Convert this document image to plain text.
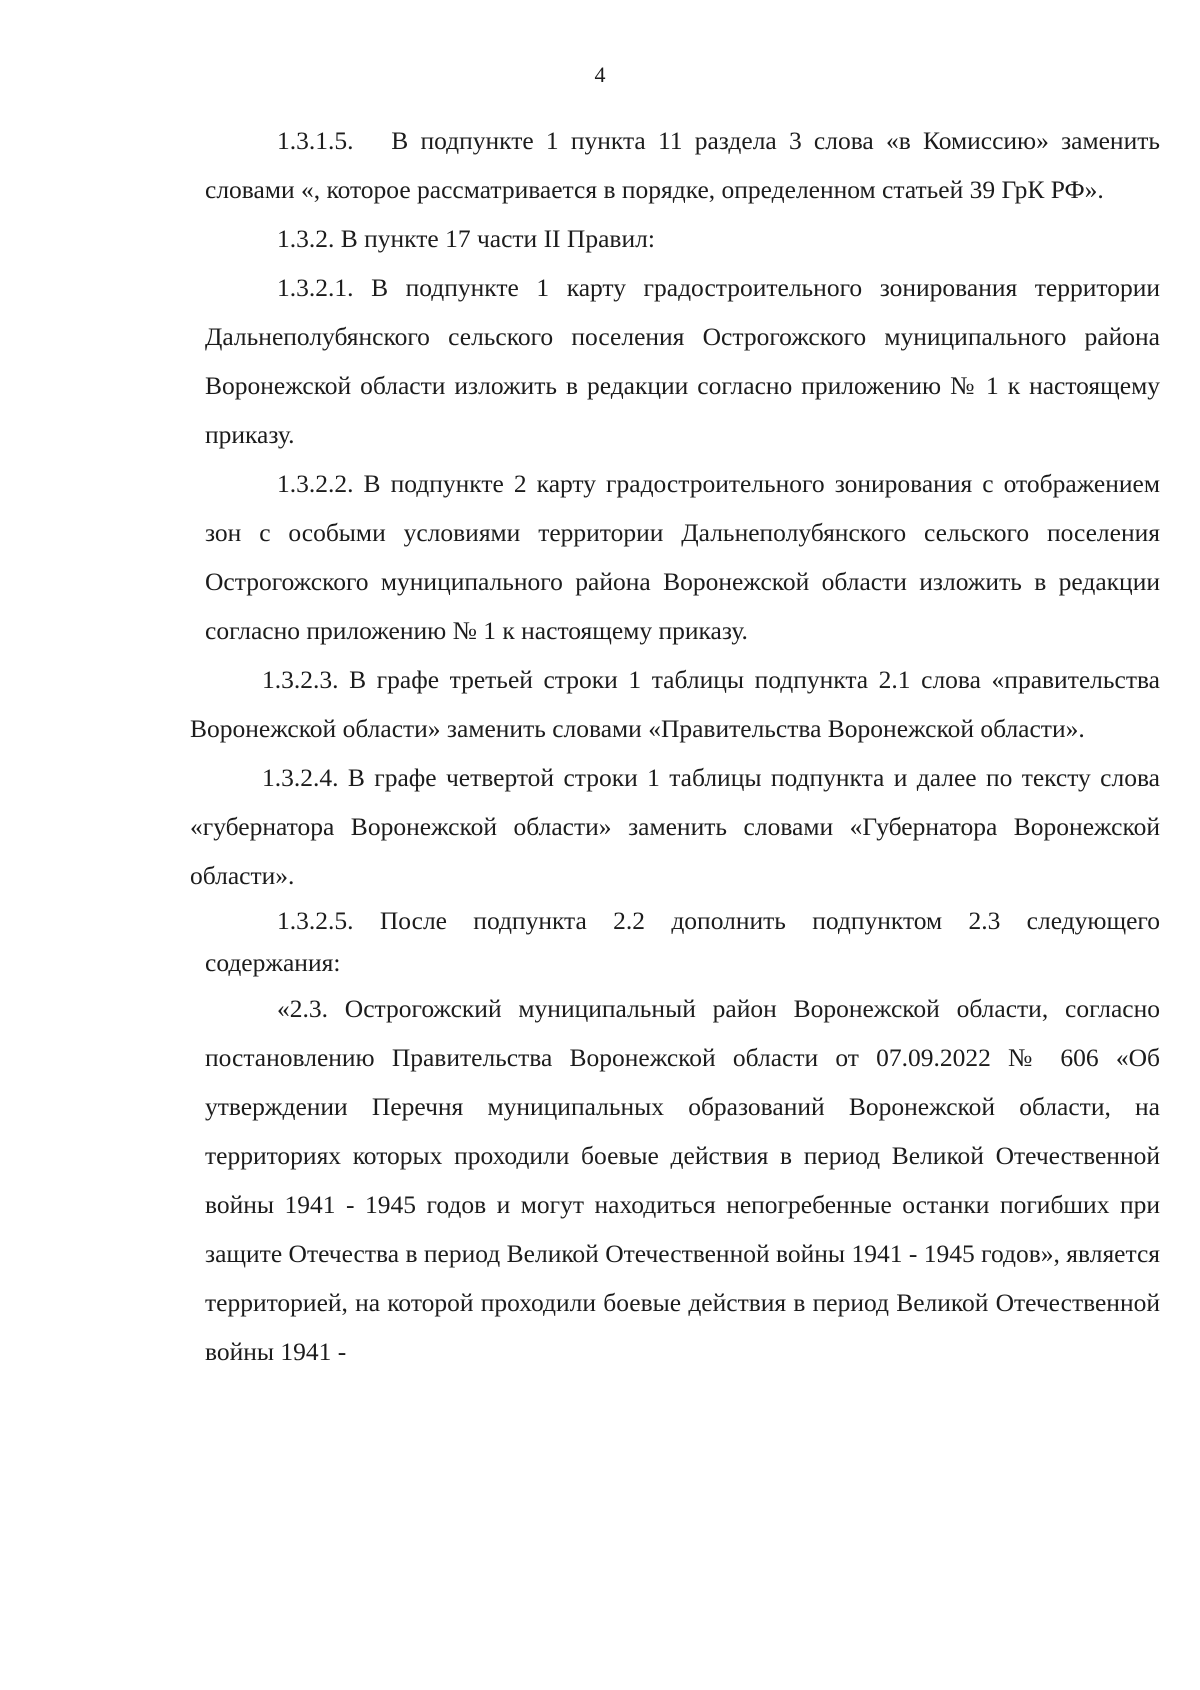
4

1.3.1.5.  В подпункте 1 пункта 11 раздела 3 слова «в Комиссию» заменить словами «, которое рассматривается в порядке, определенном статьей 39 ГрК РФ».

1.3.2. В пункте 17 части II Правил:

1.3.2.1. В подпункте 1 карту градостроительного зонирования территории Дальнеполубянского сельского поселения Острогожского муниципального района Воронежской области изложить в редакции согласно приложению № 1 к настоящему приказу.

1.3.2.2. В подпункте 2 карту градостроительного зонирования с отображением зон с особыми условиями территории Дальнеполубянского сельского поселения Острогожского муниципального района Воронежской области изложить в редакции согласно приложению № 1 к настоящему приказу.

1.3.2.3. В графе третьей строки 1 таблицы подпункта 2.1 слова «правительства Воронежской области» заменить словами «Правительства Воронежской области».

1.3.2.4. В графе четвертой строки 1 таблицы подпункта и далее по тексту слова «губернатора Воронежской области» заменить словами «Губернатора Воронежской области».

1.3.2.5. После подпункта 2.2 дополнить подпунктом 2.3 следующего содержания:

«2.3. Острогожский муниципальный район Воронежской области, согласно постановлению Правительства Воронежской области от 07.09.2022 № 606 «Об утверждении Перечня муниципальных образований Воронежской области, на территориях которых проходили боевые действия в период Великой Отечественной войны 1941 - 1945 годов и могут находиться непогребенные останки погибших при защите Отечества в период Великой Отечественной войны 1941 - 1945 годов», является территорией, на которой проходили боевые действия в период Великой Отечественной войны 1941 -
